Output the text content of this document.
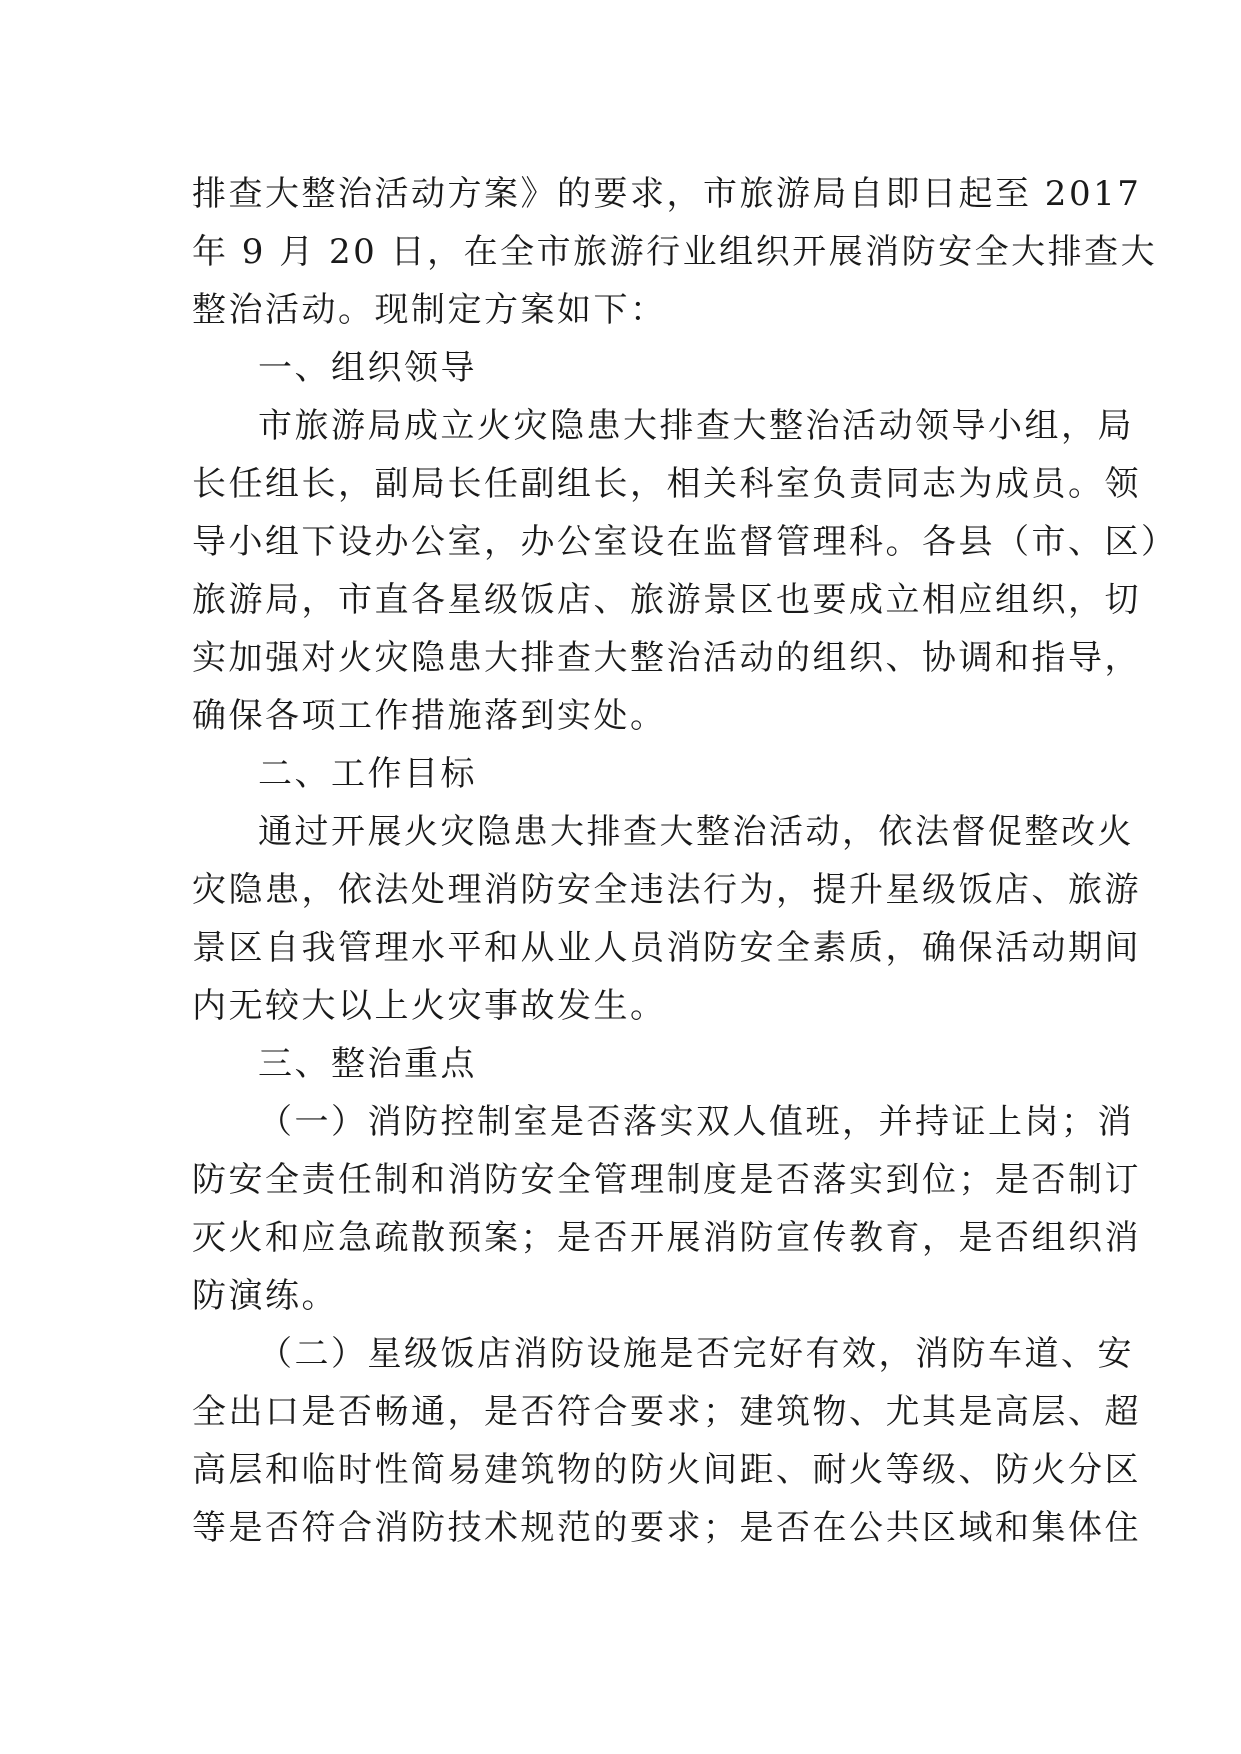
排查大整治活动方案》的要求，市旅游局自即日起至 2017
年 9 月 20 日，在全市旅游行业组织开展消防安全大排查大
整治活动。现制定方案如下：
一、组织领导
市旅游局成立火灾隐患大排查大整治活动领导小组，局
长任组长，副局长任副组长，相关科室负责同志为成员。领
导小组下设办公室，办公室设在监督管理科。各县（市、区）
旅游局，市直各星级饭店、旅游景区也要成立相应组织，切
实加强对火灾隐患大排查大整治活动的组织、协调和指导，
确保各项工作措施落到实处。
二、工作目标
通过开展火灾隐患大排查大整治活动，依法督促整改火
灾隐患，依法处理消防安全违法行为，提升星级饭店、旅游
景区自我管理水平和从业人员消防安全素质，确保活动期间
内无较大以上火灾事故发生。
三、整治重点
（一）消防控制室是否落实双人值班，并持证上岗；消
防安全责任制和消防安全管理制度是否落实到位；是否制订
灭火和应急疏散预案；是否开展消防宣传教育，是否组织消
防演练。
（二）星级饭店消防设施是否完好有效，消防车道、安
全出口是否畅通，是否符合要求；建筑物、尤其是高层、超
高层和临时性简易建筑物的防火间距、耐火等级、防火分区
等是否符合消防技术规范的要求；是否在公共区域和集体住
